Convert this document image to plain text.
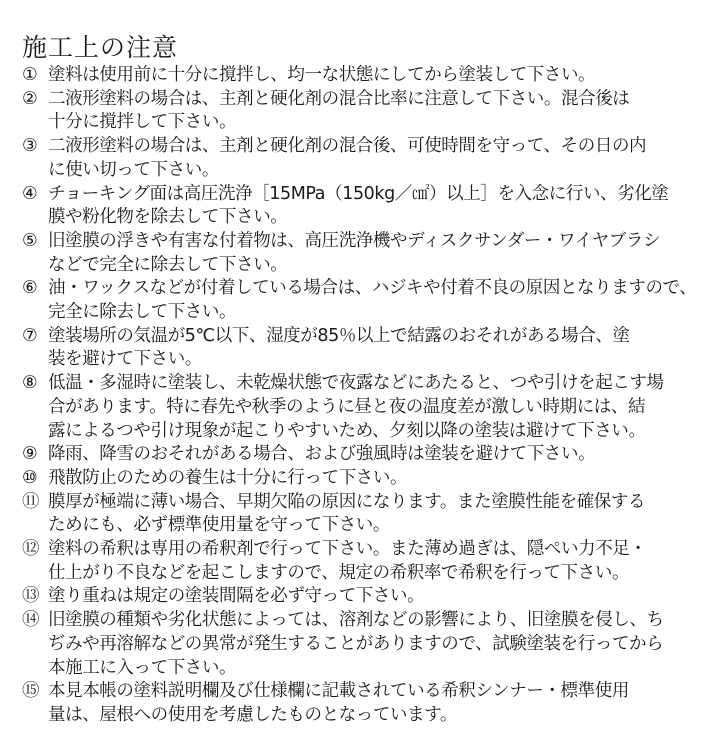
施工上の注意
① 塗料は使用前に十分に撹拌し、均一な状態にしてから塗装して下さい。
② 二液形塗料の場合は、主剤と硬化剤の混合比率に注意して下さい。混合後は
十分に撹拌して下さい。
③ 二液形塗料の場合は、主剤と硬化剤の混合後、可使時間を守って、その日の内
に使い切って下さい。
④ チョーキング面は高圧洗浄［15MPa（150kg／㎠）以上］を入念に行い、劣化塗
膜や粉化物を除去して下さい。
⑤ 旧塗膜の浮きや有害な付着物は、高圧洗浄機やディスクサンダー・ワイヤブラシ
などで完全に除去して下さい。
⑥ 油・ワックスなどが付着している場合は、ハジキや付着不良の原因となりますので、
完全に除去して下さい。
⑦ 塗装場所の気温が5℃以下、湿度が85％以上で結露のおそれがある場合、塗
装を避けて下さい。
⑧ 低温・多湿時に塗装し、未乾燥状態で夜露などにあたると、つや引けを起こす場
合があります。特に春先や秋季のように昼と夜の温度差が激しい時期には、結
露によるつや引け現象が起こりやすいため、夕刻以降の塗装は避けて下さい。
⑨ 降雨、降雪のおそれがある場合、および強風時は塗装を避けて下さい。
⑩ 飛散防止のための養生は十分に行って下さい。
⑪ 膜厚が極端に薄い場合、早期欠陥の原因になります。また塗膜性能を確保する
ためにも、必ず標準使用量を守って下さい。
⑫ 塗料の希釈は専用の希釈剤で行って下さい。また薄め過ぎは、隠ぺい力不足・
仕上がり不良などを起こしますので、規定の希釈率で希釈を行って下さい。
⑬ 塗り重ねは規定の塗装間隔を必ず守って下さい。
⑭ 旧塗膜の種類や劣化状態によっては、溶剤などの影響により、旧塗膜を侵し、ち
ぢみや再溶解などの異常が発生することがありますので、試験塗装を行ってから
本施工に入って下さい。
⑮ 本見本帳の塗料説明欄及び仕様欄に記載されている希釈シンナー・標準使用
量は、屋根への使用を考慮したものとなっています。
